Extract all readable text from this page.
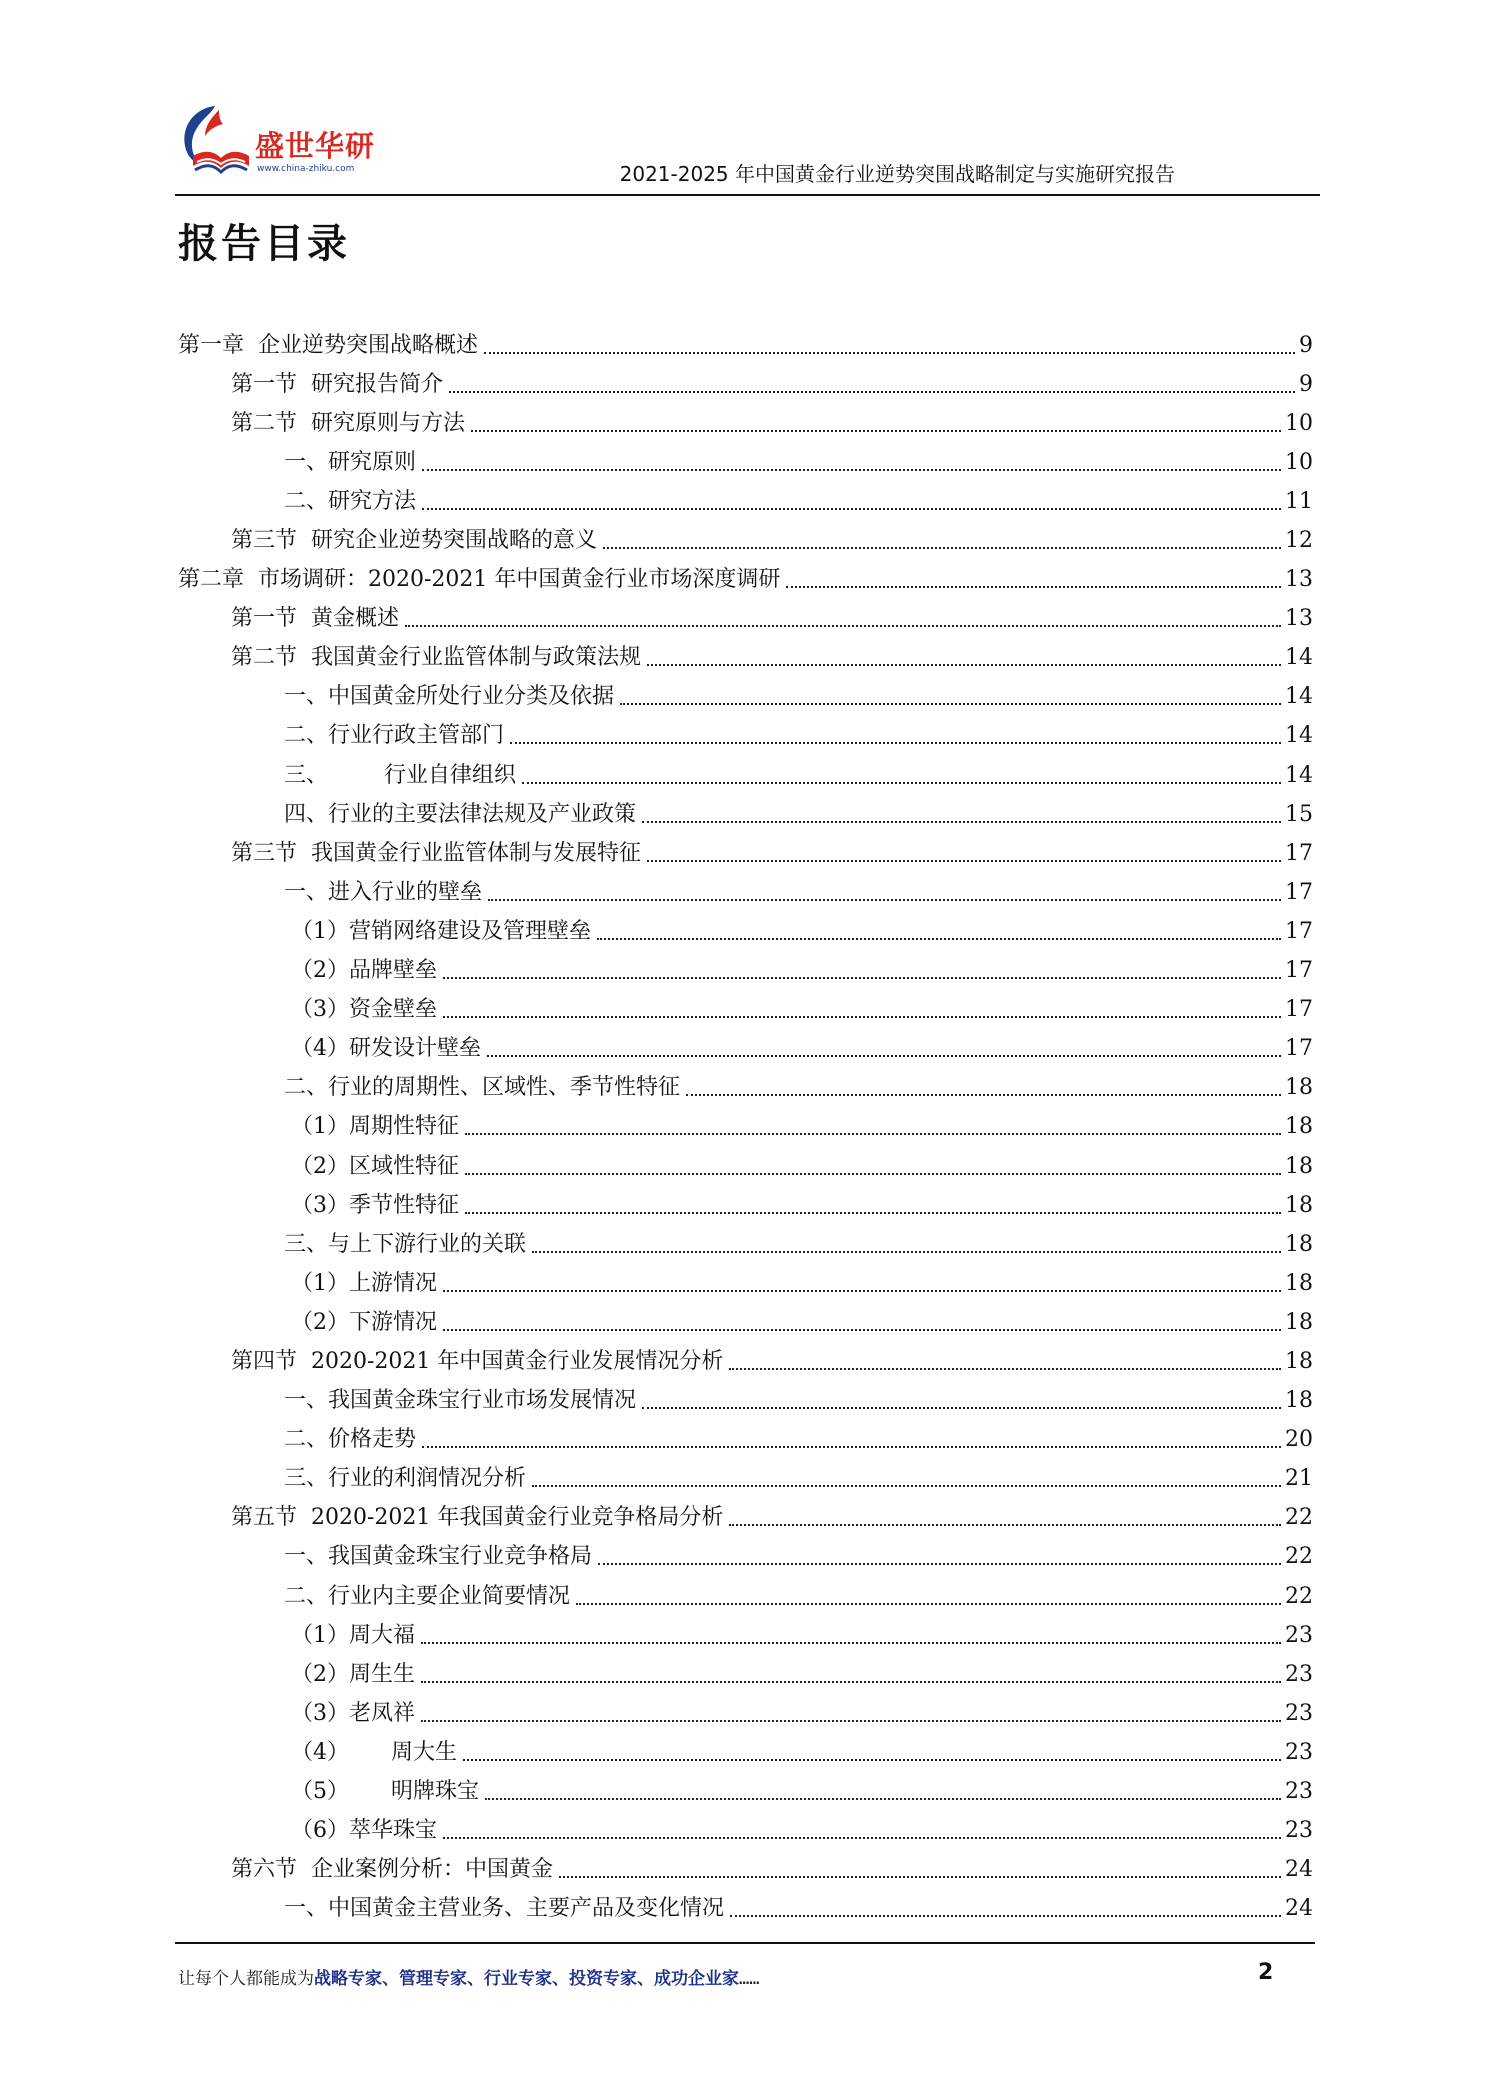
盛世华研
www.china-zhiku.com	2021-2025 年中国黄金行业逆势突围战略制定与实施研究报告
报告目录
第一章  企业逆势突围战略概述	9
第一节  研究报告简介	9
第二节  研究原则与方法	10
一、研究原则	10
二、研究方法	11
第三节  研究企业逆势突围战略的意义	12
第二章  市场调研：2020-2021 年中国黄金行业市场深度调研	13
第一节  黄金概述	13
第二节  我国黄金行业监管体制与政策法规	14
一、中国黄金所处行业分类及依据	14
二、行业行政主管部门	14
三、        行业自律组织	14
四、行业的主要法律法规及产业政策	15
第三节  我国黄金行业监管体制与发展特征	17
一、进入行业的壁垒	17
（1）营销网络建设及管理壁垒	17
（2）品牌壁垒	17
（3）资金壁垒	17
（4）研发设计壁垒	17
二、行业的周期性、区域性、季节性特征	18
（1）周期性特征	18
（2）区域性特征	18
（3）季节性特征	18
三、与上下游行业的关联	18
（1）上游情况	18
（2）下游情况	18
第四节  2020-2021 年中国黄金行业发展情况分析	18
一、我国黄金珠宝行业市场发展情况	18
二、价格走势	20
三、行业的利润情况分析	21
第五节  2020-2021 年我国黄金行业竞争格局分析	22
一、我国黄金珠宝行业竞争格局	22
二、行业内主要企业简要情况	22
（1）周大福	23
（2）周生生	23
（3）老凤祥	23
（4）      周大生	23
（5）      明牌珠宝	23
（6）萃华珠宝	23
第六节  企业案例分析：中国黄金	24
一、中国黄金主营业务、主要产品及变化情况	24
让每个人都能成为战略专家、管理专家、行业专家、投资专家、成功企业家……	2
